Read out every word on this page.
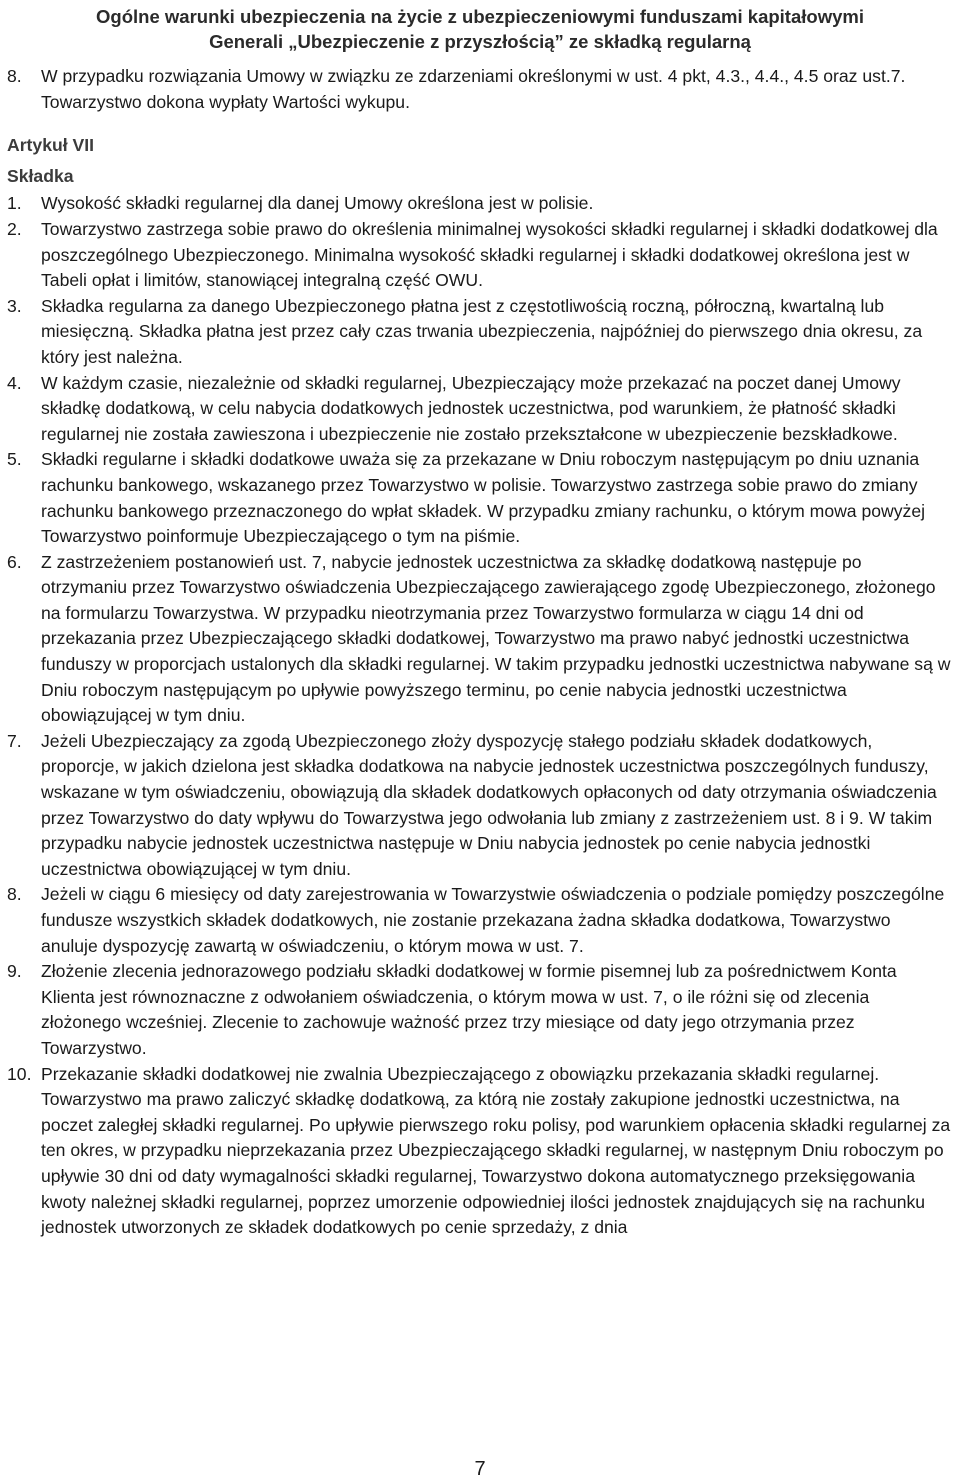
Ogólne warunki ubezpieczenia na życie z ubezpieczeniowymi funduszami kapitałowymi
Generali „Ubezpieczenie z przyszłością” ze składką regularną
8.	W przypadku rozwiązania Umowy w związku ze zdarzeniami określonymi w ust. 4 pkt, 4.3., 4.4., 4.5 oraz ust.7. Towarzystwo dokona wypłaty Wartości wykupu.
Artykuł VII
Składka
1.	Wysokość składki regularnej dla danej Umowy określona jest w polisie.
2.	Towarzystwo zastrzega sobie prawo do określenia minimalnej wysokości składki regularnej i składki dodatkowej dla poszczególnego Ubezpieczonego. Minimalna wysokość składki regularnej i składki dodatkowej określona jest w Tabeli opłat i limitów, stanowiącej integralną część OWU.
3.	Składka regularna za danego Ubezpieczonego płatna jest z częstotliwością roczną, półroczną, kwartalną lub miesięczną. Składka płatna jest przez cały czas trwania ubezpieczenia, najpóźniej do pierwszego dnia okresu, za który jest należna.
4.	W każdym czasie, niezależnie od składki regularnej, Ubezpieczający może przekazać na poczet danej Umowy składkę dodatkową, w celu nabycia dodatkowych jednostek uczestnictwa, pod warunkiem, że płatność składki regularnej nie została zawieszona i ubezpieczenie nie zostało przekształcone w ubezpieczenie bezskładkowe.
5.	Składki regularne i składki dodatkowe uważa się za przekazane w Dniu roboczym następującym po dniu uznania rachunku bankowego, wskazanego przez Towarzystwo w polisie. Towarzystwo zastrzega sobie prawo do zmiany rachunku bankowego przeznaczonego do wpłat składek. W przypadku zmiany rachunku, o którym mowa powyżej Towarzystwo poinformuje Ubezpieczającego o tym na piśmie.
6.	Z zastrzeżeniem postanowień ust. 7, nabycie jednostek uczestnictwa za składkę dodatkową następuje po otrzymaniu przez Towarzystwo oświadczenia Ubezpieczającego zawierającego zgodę Ubezpieczonego, złożonego na formularzu Towarzystwa. W przypadku nieotrzymania przez Towarzystwo formularza w ciągu 14 dni od przekazania przez Ubezpieczającego składki dodatkowej, Towarzystwo ma prawo nabyć jednostki uczestnictwa funduszy w proporcjach ustalonych dla składki regularnej. W takim przypadku jednostki uczestnictwa nabywane są w Dniu roboczym następującym po upływie powyższego terminu, po cenie nabycia jednostki uczestnictwa obowiązującej w tym dniu.
7.	Jeżeli Ubezpieczający za zgodą Ubezpieczonego złoży dyspozycję stałego podziału składek dodatkowych, proporcje, w jakich dzielona jest składka dodatkowa na nabycie jednostek uczestnictwa poszczególnych funduszy, wskazane w tym oświadczeniu, obowiązują dla składek dodatkowych opłaconych od daty otrzymania oświadczenia przez Towarzystwo do daty wpływu do Towarzystwa jego odwołania lub zmiany z zastrzeżeniem ust. 8 i 9. W takim przypadku nabycie jednostek uczestnictwa następuje w Dniu nabycia jednostek po cenie nabycia jednostki uczestnictwa obowiązującej w tym dniu.
8.	Jeżeli w ciągu 6 miesięcy od daty zarejestrowania w Towarzystwie oświadczenia o podziale pomiędzy poszczególne fundusze wszystkich składek dodatkowych, nie zostanie przekazana żadna składka dodatkowa, Towarzystwo anuluje dyspozycję zawartą w oświadczeniu, o którym mowa w ust. 7.
9.	Złożenie zlecenia jednorazowego podziału składki dodatkowej w formie pisemnej lub za pośrednictwem Konta Klienta jest równoznaczne z odwołaniem oświadczenia, o którym mowa w ust. 7, o ile różni się od zlecenia złożonego wcześniej. Zlecenie to zachowuje ważność przez trzy miesiące od daty jego otrzymania przez Towarzystwo.
10. Przekazanie składki dodatkowej nie zwalnia Ubezpieczającego z obowiązku przekazania składki regularnej. Towarzystwo ma prawo zaliczyć składkę dodatkową, za którą nie zostały zakupione jednostki uczestnictwa, na poczet zaległej składki regularnej. Po upływie pierwszego roku polisy, pod warunkiem opłacenia składki regularnej za ten okres, w przypadku nieprzekazania przez Ubezpieczającego składki regularnej, w następnym Dniu roboczym po upływie 30 dni od daty wymagalności składki regularnej, Towarzystwo dokona automatycznego przeksięgowania kwoty należnej składki regularnej, poprzez umorzenie odpowiedniej ilości jednostek znajdujących się na rachunku jednostek utworzonych ze składek dodatkowych po cenie sprzedaży, z dnia
7
